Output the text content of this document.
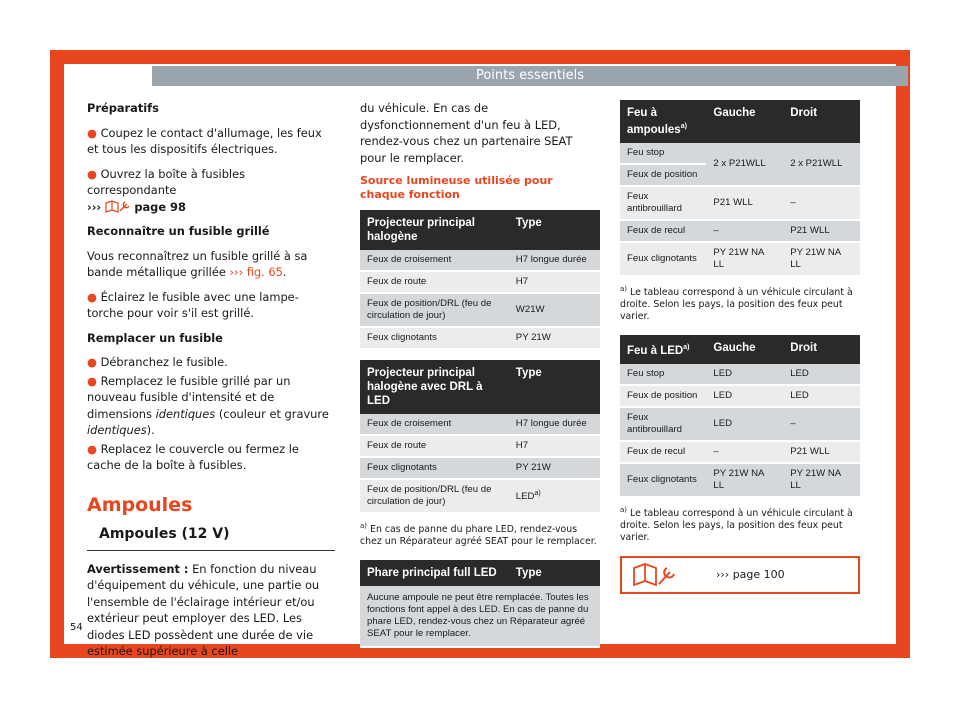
Points essentiels

Préparatifs

● Coupez le contact d'allumage, les feux et tous les dispositifs électriques.

● Ouvrez la boîte à fusibles correspondante
›››	page 98

Reconnaître un fusible grillé

Vous reconnaîtrez un fusible grillé à sa bande métallique grillée ››› fig. 65.

● Éclairez le fusible avec une lampe-torche pour voir s'il est grillé.

Remplacer un fusible

● Débranchez le fusible.

● Remplacez le fusible grillé par un nouveau fusible d'intensité et de dimensions identiques (couleur et gravure identiques).

● Replacez le couvercle ou fermez le cache de la boîte à fusibles.

Ampoules
Ampoules (12 V)

Avertissement : En fonction du niveau d'équipement du véhicule, une partie ou l'ensemble de l'éclairage intérieur et/ou extérieur peut employer des LED. Les diodes LED possèdent une durée de vie estimée supérieure à celle

du véhicule. En cas de dysfonctionnement d'un feu à LED, rendez-vous chez un partenaire SEAT pour le remplacer.

Source lumineuse utilisée pour chaque fonction
Projecteur principal halogène	Type
Feux de croisement	H7 longue durée
Feux de route	H7
Feux de position/DRL (feu de circulation de jour)	W21W
Feux clignotants	PY 21W
Projecteur principal halogène avec DRL à LED	Type
Feux de croisement	H7 longue durée
Feux de route	H7
Feux clignotants	PY 21W
Feux de position/DRL (feu de circulation de jour)	LED$^{a)}$
$^{a)}$ En cas de panne du phare LED, rendez-vous chez un Réparateur agréé SEAT pour le remplacer.
Phare principal full LED	Type
Aucune ampoule ne peut être remplacée. Toutes les fonctions font appel à des LED. En cas de panne du phare LED, rendez-vous chez un Réparateur agréé SEAT pour le remplacer.
Feu à ampoules$^{a)}$	Gauche	Droit
Feu stop	2 x P21WLL	2 x P21WLL
Feux de position		
Feux antibrouillard	P21 WLL	–
Feux de recul	–	P21 WLL
Feux clignotants	PY 21W NA LL	PY 21W NA LL
$^{a)}$ Le tableau correspond à un véhicule circulant à droite. Selon les pays, la position des feux peut varier.
Feu à LED$^{a)}$	Gauche	Droit
Feu stop	LED	LED
Feux de position	LED	LED
Feux antibrouillard	LED	–
Feux de recul	–	P21 WLL
Feux clignotants	PY 21W NA LL	PY 21W NA LL
$^{a)}$ Le tableau correspond à un véhicule circulant à droite. Selon les pays, la position des feux peut varier.
››› page 100
54
